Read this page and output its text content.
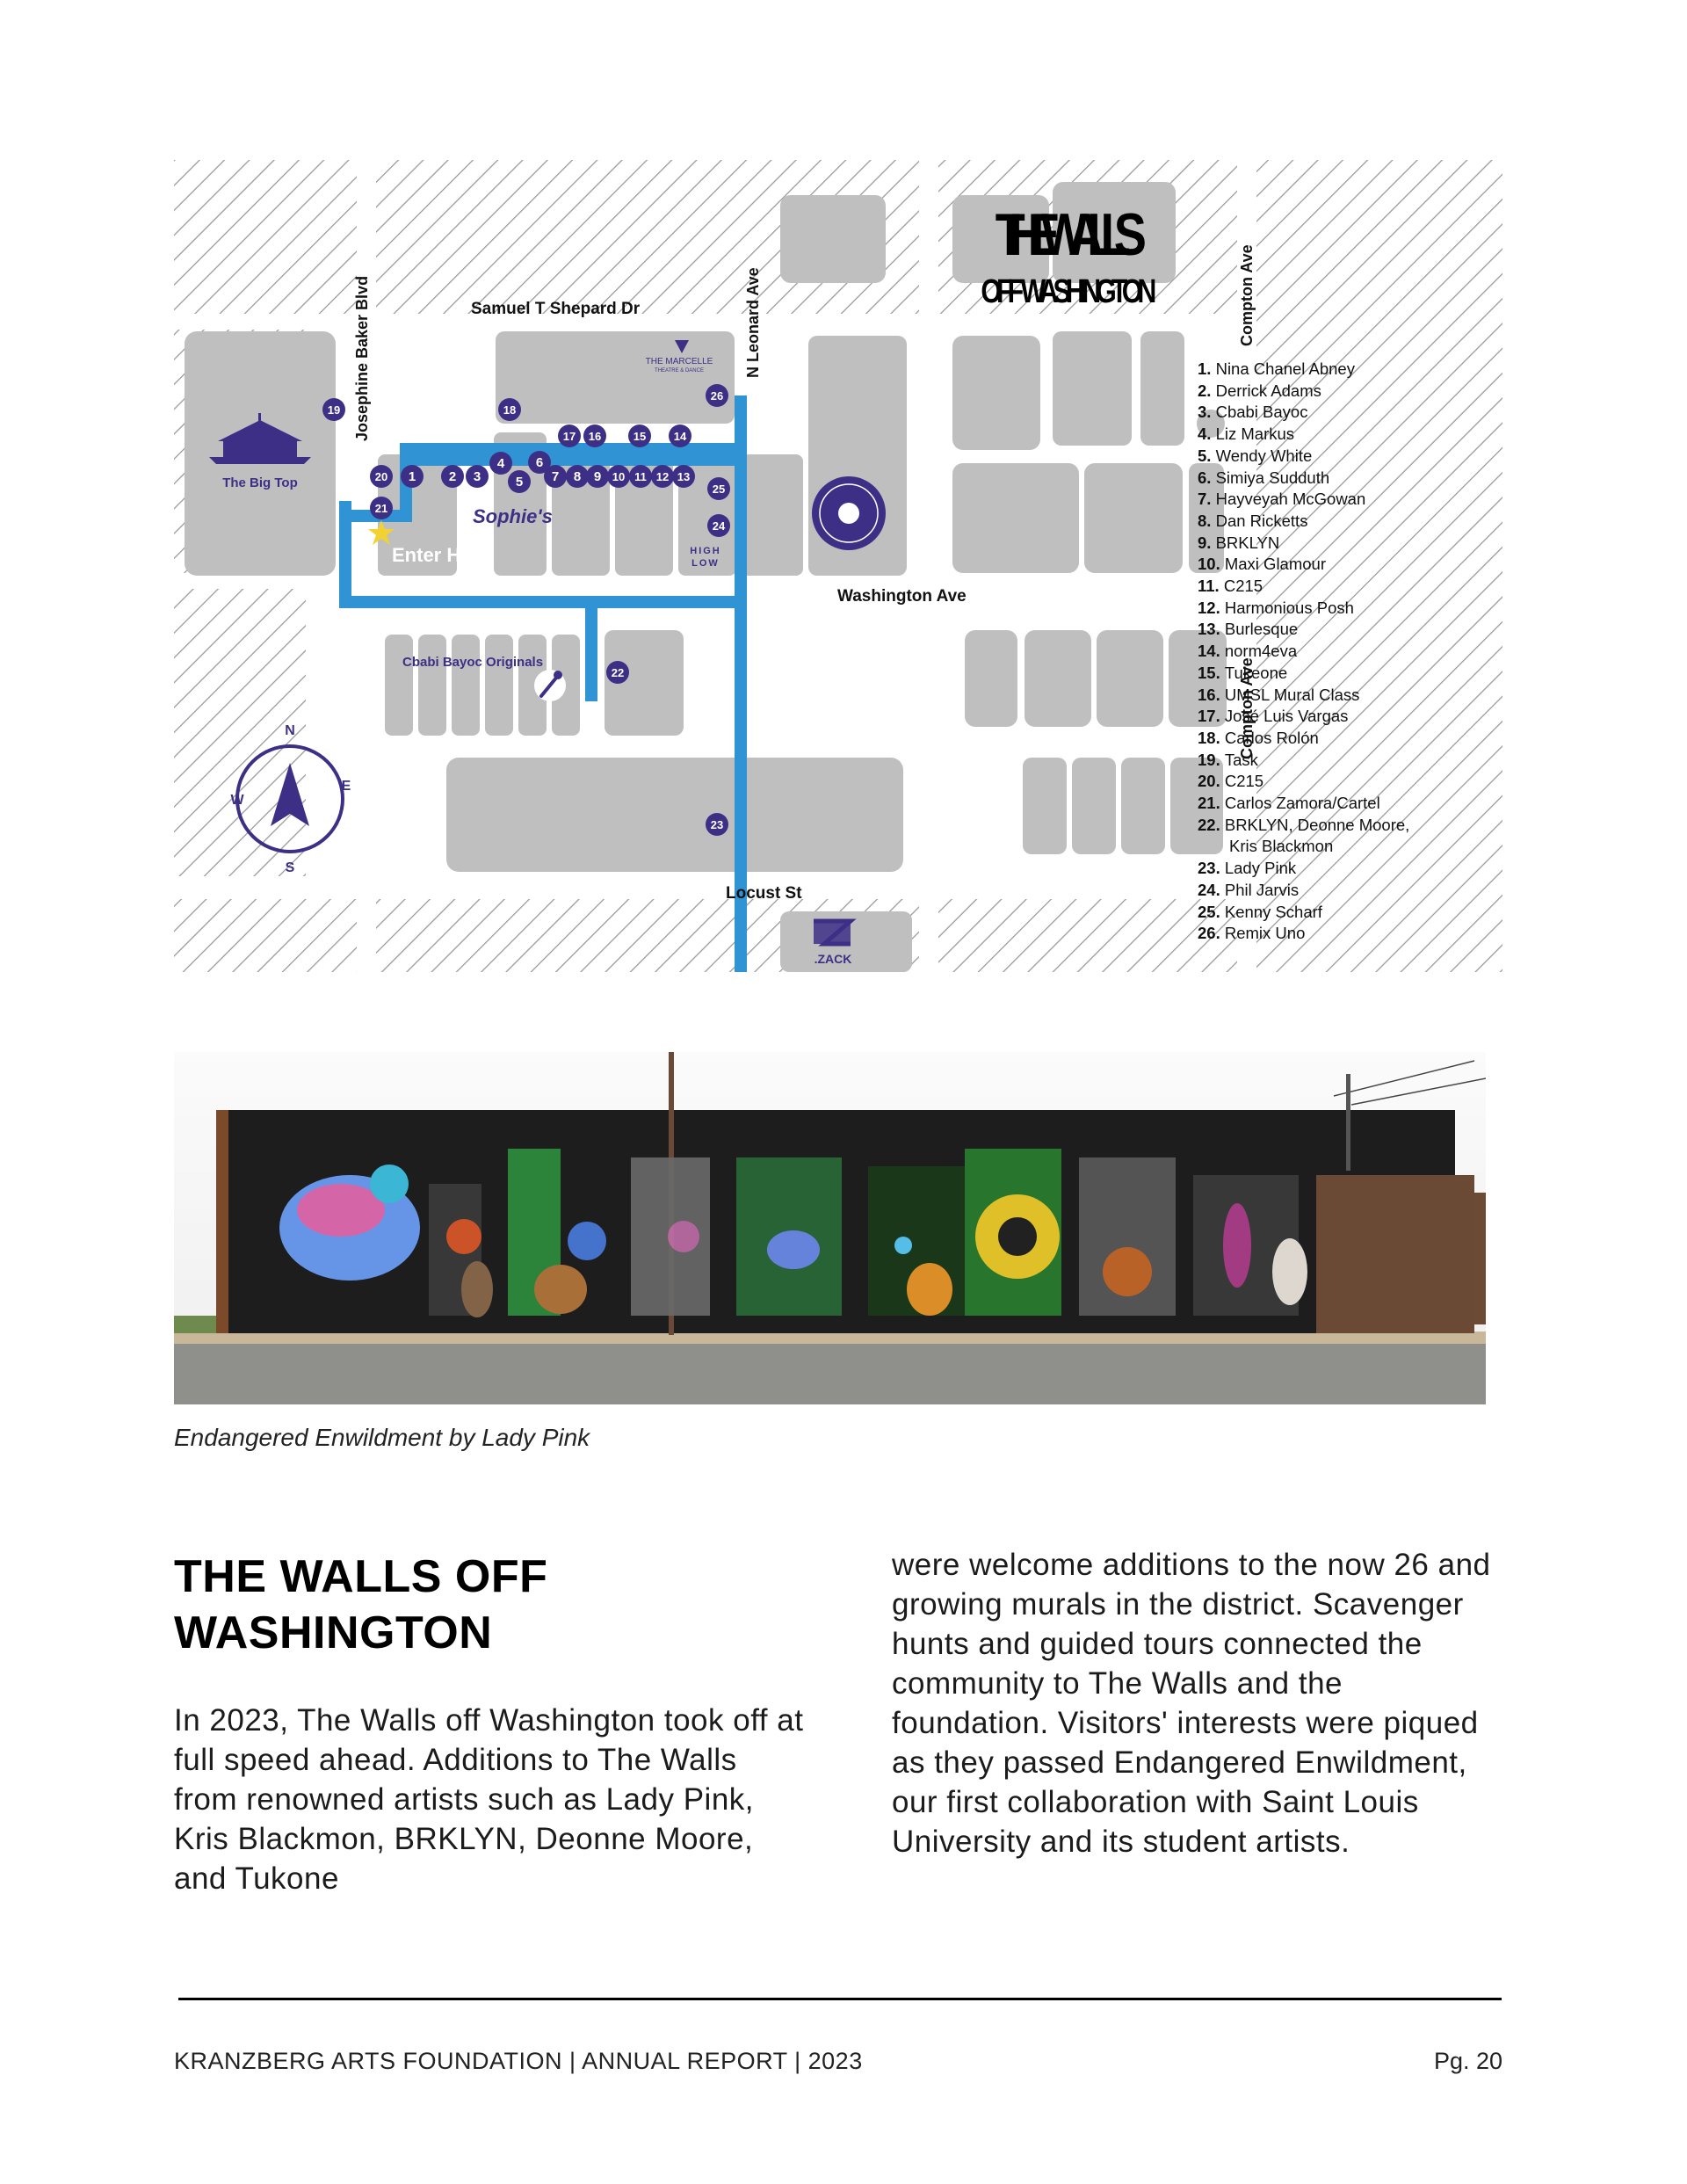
Samuel T Shepard Dr
Josephine Baker Blvd	N Leonard Ave	Compton Ave
Compton Ave
Washington Ave
Locust St
The Big Top
THE MARCELLE
THEATRE & DANCE
Sophie's
HIGH
LOW
Enter Here
Cbabi Bayoc Originals
.ZACK
N
S
W
E
THE WALLS
OFF WASHINGTON
1	2 3
4
5
6
7 8 9 10 11 12 13
14
15
16
17
18
19
20
21
22
23
24
25
26
1. Nina Chanel Abney
2. Derrick Adams
3. Cbabi Bayoc
4. Liz Markus
5. Wendy White
6. Simiya Sudduth
7. Hayveyah McGowan
8. Dan Ricketts
9. BRKLYN
10. Maxi Glamour
11. C215
12. Harmonious Posh
13. Burlesque
14. norm4eva
15. Tukeone
16. UMSL Mural Class
17. José Luis Vargas
18. Carlos Rolón
19. Task
20. C215
21. Carlos Zamora/Cartel
22. BRKLYN, Deonne Moore,
Kris Blackmon
23. Lady Pink
24. Phil Jarvis
25. Kenny Scharf
26. Remix Uno
Endangered Enwildment by Lady Pink
THE WALLS OFF WASHINGTON
In 2023, The Walls off Washington took off at full speed ahead. Additions to The Walls from renowned artists such as Lady Pink, Kris Blackmon, BRKLYN, Deonne Moore, and Tukone
were welcome additions to the now 26 and growing murals in the district. Scavenger hunts and guided tours connected the community to The Walls and the foundation. Visitors' interests were piqued as they passed Endangered Enwildment, our first collaboration with Saint Louis University and its student artists.
KRANZBERG ARTS FOUNDATION | ANNUAL REPORT | 2023	Pg. 20
